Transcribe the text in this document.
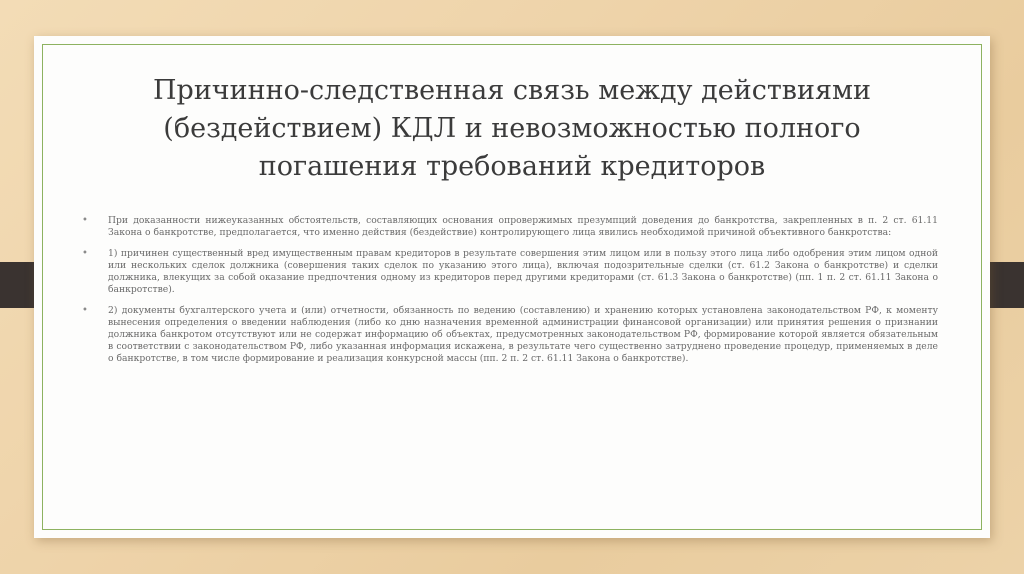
Причинно-следственная связь между действиями (бездействием) КДЛ и невозможностью полного погашения требований кредиторов
• При доказанности нижеуказанных обстоятельств, составляющих основания опровержимых презумпций доведения до банкротства, закрепленных в п. 2 ст. 61.11 Закона о банкротстве, предполагается, что именно действия (бездействие) контролирующего лица явились необходимой причиной объективного банкротства:
• 1) причинен существенный вред имущественным правам кредиторов в результате совершения этим лицом или в пользу этого лица либо одобрения этим лицом одной или нескольких сделок должника (совершения таких сделок по указанию этого лица), включая подозрительные сделки (ст. 61.2 Закона о банкротстве) и сделки должника, влекущих за собой оказание предпочтения одному из кредиторов перед другими кредиторами (ст. 61.3 Закона о банкротстве) (пп. 1 п. 2 ст. 61.11 Закона о банкротстве).
• 2) документы бухгалтерского учета и (или) отчетности, обязанность по ведению (составлению) и хранению которых установлена законодательством РФ, к моменту вынесения определения о введении наблюдения (либо ко дню назначения временной администрации финансовой организации) или принятия решения о признании должника банкротом отсутствуют или не содержат информацию об объектах, предусмотренных законодательством РФ, формирование которой является обязательным в соответствии с законодательством РФ, либо указанная информация искажена, в результате чего существенно затруднено проведение процедур, применяемых в деле о банкротстве, в том числе формирование и реализация конкурсной массы (пп. 2 п. 2 ст. 61.11 Закона о банкротстве).
